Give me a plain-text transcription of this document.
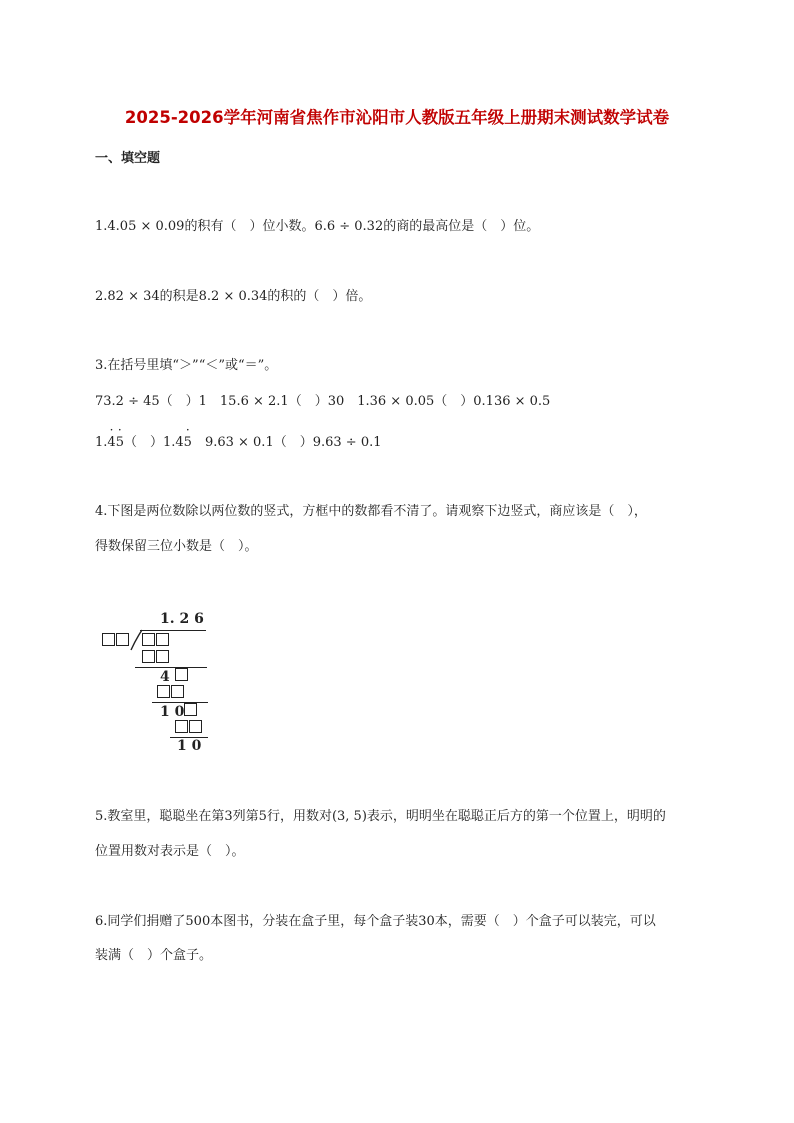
2025-2026学年河南省焦作市沁阳市人教版五年级上册期末测试数学试卷
一、填空题
1.4.05 × 0.09的积有（　）位小数。6.6 ÷ 0.32的商的最高位是（　）位。
2.82 × 34的积是8.2 × 0.34的积的（　）倍。
3.在括号里填“＞”“＜”或“＝”。
73.2 ÷ 45（　）1　15.6 × 2.1（　）30　1.36 × 0.05（　）0.136 × 0.5
1.· 4· 5（　）1.4· 5　9.63 × 0.1（　）9.63 ÷ 0.1
4.下图是两位数除以两位数的竖式，方框中的数都看不清了。请观察下边竖式，商应该是（　），
得数保留三位小数是（　）。
1. 2 6
4
1 0
1 0
5.教室里，聪聪坐在第3列第5行，用数对(3, 5)表示，明明坐在聪聪正后方的第一个位置上，明明的
位置用数对表示是（　）。
6.同学们捐赠了500本图书，分装在盒子里，每个盒子装30本，需要（　）个盒子可以装完，可以
装满（　）个盒子。
